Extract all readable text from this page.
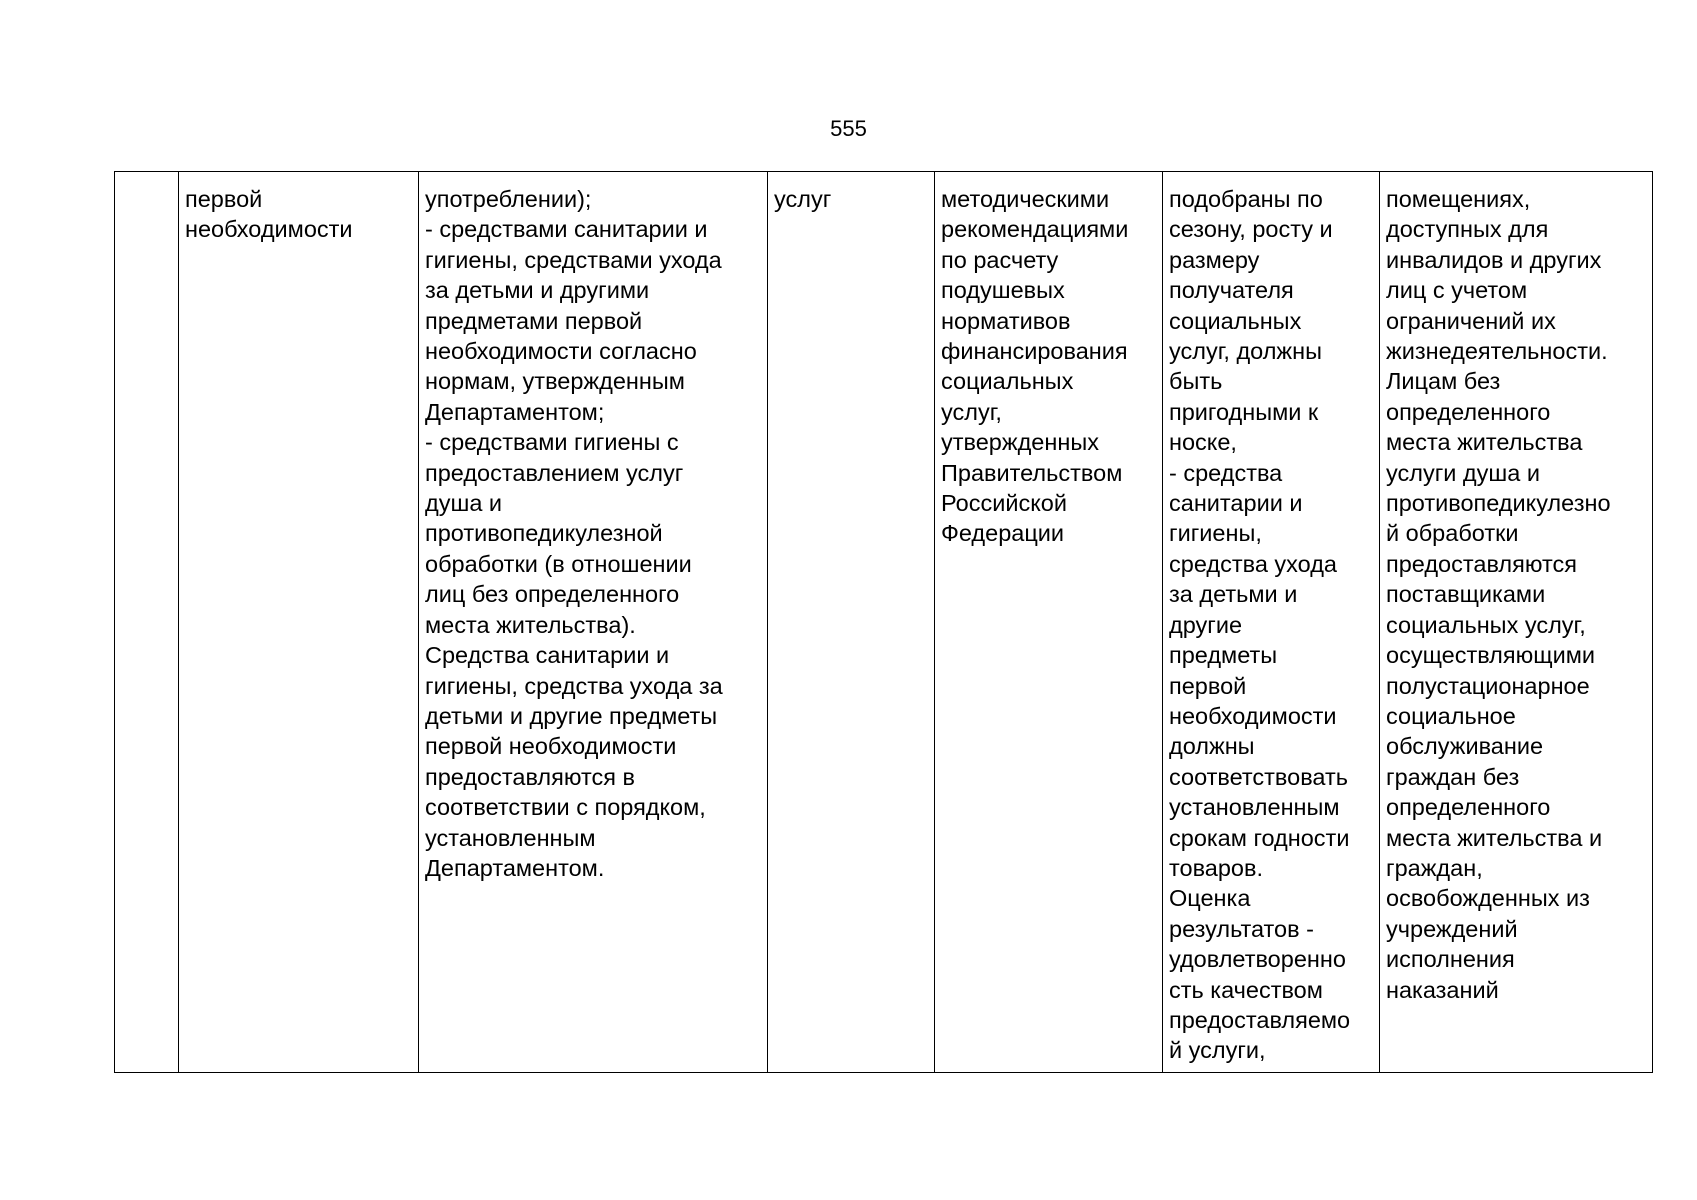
555
	первой
необходимости	употреблении);
- средствами санитарии и
гигиены, средствами ухода
за детьми и другими
предметами первой
необходимости согласно
нормам, утвержденным
Департаментом;
- средствами гигиены с
предоставлением услуг
душа и
противопедикулезной
обработки (в отношении
лиц без определенного
места жительства).
Средства санитарии и
гигиены, средства ухода за
детьми и другие предметы
первой необходимости
предоставляются в
соответствии с порядком,
установленным
Департаментом.	услуг	методическими
рекомендациями
по расчету
подушевых
нормативов
финансирования
социальных
услуг,
утвержденных
Правительством
Российской
Федерации	подобраны по
сезону, росту и
размеру
получателя
социальных
услуг, должны
быть
пригодными к
носке,
- средства
санитарии и
гигиены,
средства ухода
за детьми и
другие
предметы
первой
необходимости
должны
соответствовать
установленным
срокам годности
товаров.
Оценка
результатов -
удовлетворенно
сть качеством
предоставляемо
й услуги,	помещениях,
доступных для
инвалидов и других
лиц с учетом
ограничений их
жизнедеятельности.
Лицам без
определенного
места жительства
услуги душа и
противопедикулезно
й обработки
предоставляются
поставщиками
социальных услуг,
осуществляющими
полустационарное
социальное
обслуживание
граждан без
определенного
места жительства и
граждан,
освобожденных из
учреждений
исполнения
наказаний
